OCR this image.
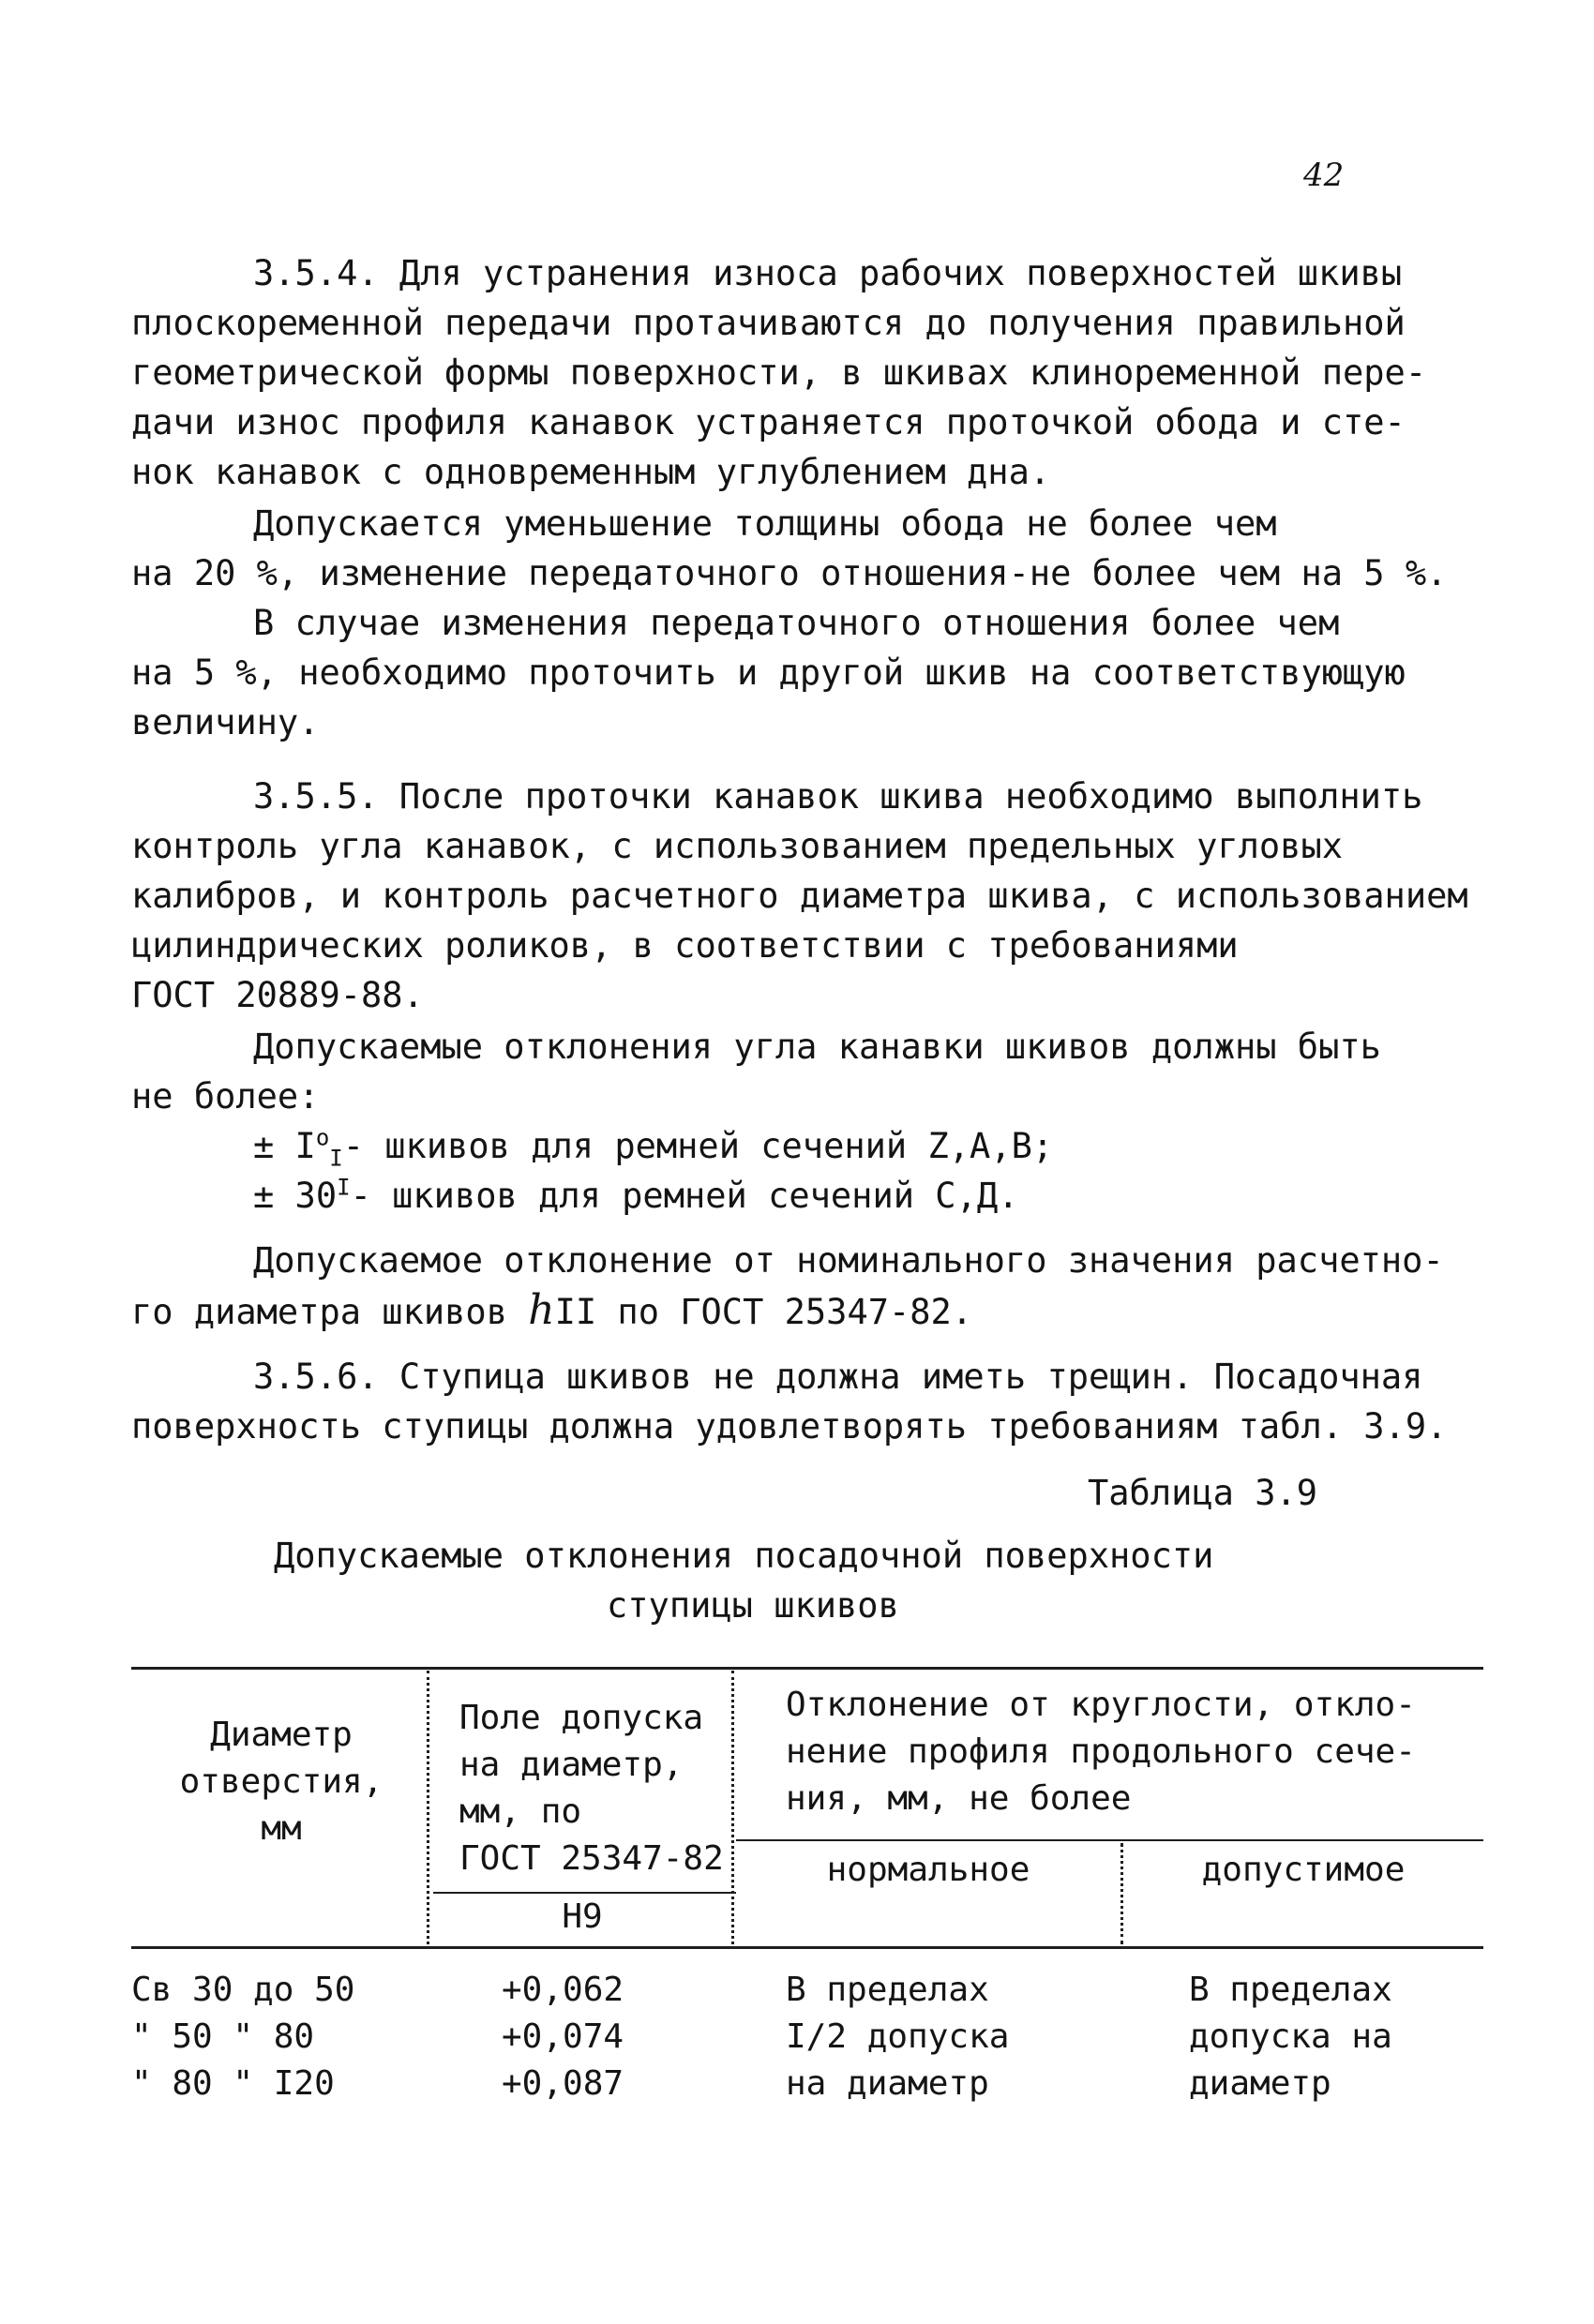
42
3.5.4. Для устранения износа рабочих поверхностей шкивы
плоскоременной передачи протачиваются до получения правильной
геометрической формы поверхности, в шкивах клиноременной пере-
дачи износ профиля канавок устраняется проточкой обода и сте-
нок канавок с одновременным углублением дна.
Допускается уменьшение толщины обода не более чем
на 20 %, изменение передаточного отношения-не более чем на 5 %.
В случае изменения передаточного отношения более чем
на 5 %, необходимо проточить и другой шкив на соответствующую
величину.
3.5.5. После проточки канавок шкива необходимо выполнить
контроль угла канавок, с использованием предельных угловых
калибров, и контроль расчетного диаметра шкива, с использованием
цилиндрических роликов, в соответствии с требованиями
ГОСТ 20889-88.
Допускаемые отклонения угла канавки шкивов должны быть
не более:
± $I^о_I-$ шкивов для ремней сечений Z,A,B;
± $30^I-$ шкивов для ремней сечений С,Д.
Допускаемое отклонение от номинального значения расчетно-
го диаметра шкивов hII по ГОСТ 25347-82.
3.5.6. Ступица шкивов не должна иметь трещин. Посадочная
поверхность ступицы должна удовлетворять требованиям табл. 3.9.
Таблица 3.9
Допускаемые отклонения посадочной поверхности
ступицы шкивов
Диаметр
отверстия,
мм
Поле допуска
на диаметр,
мм, по
ГОСТ 25347-82
Н9
Отклонение от круглости, откло-
нение профиля продольного сече-
ния, мм, не более
нормальное	допустимое
Св 30 до 50
" 50 " 80
" 80 " I20
+0,062
+0,074
+0,087
В пределах
I/2 допуска
на диаметр
В пределах
допуска на
диаметр
